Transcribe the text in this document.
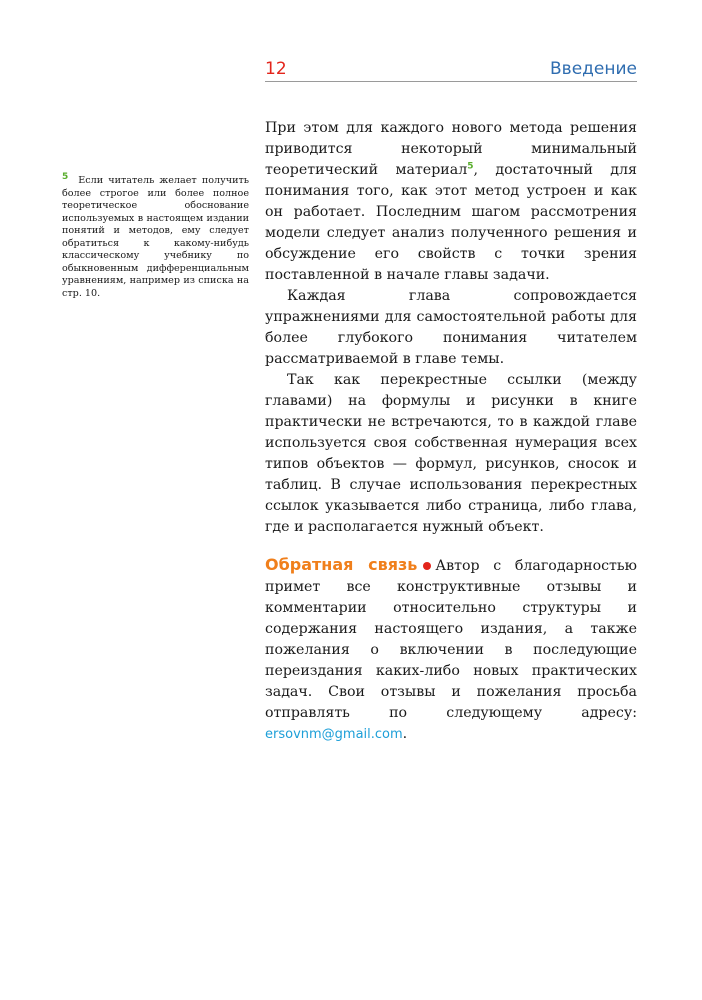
12	Введение
5 Если читатель желает получить более строгое или более полное теоретическое обоснование используемых в настоящем издании понятий и методов, ему следует обратиться к какому-нибудь классическому учебнику по обыкновенным дифференциальным уравнениям, например из списка на стр. 10.

При этом для каждого нового метода решения приводится некоторый минимальный теоретический материал$^5$, достаточный для понимания того, как этот метод устроен и как он работает. Последним шагом рассмотрения модели следует анализ полученного решения и обсуждение его свойств с точки зрения поставленной в начале главы задачи.

Каждая глава сопровождается упражнениями для самостоятельной работы для более глубокого понимания читателем рассматриваемой в главе темы.

Так как перекрестные ссылки (между главами) на формулы и рисунки в книге практически не встречаются, то в каждой главе используется своя собственная нумерация всех типов объектов — формул, рисунков, сносок и таблиц. В случае использования перекрестных ссылок указывается либо страница, либо глава, где и располагается нужный объект.

Обратная связь Автор с благодарностью примет все конструктивные отзывы и комментарии относительно структуры и содержания настоящего издания, а также пожелания о включении в последующие переиздания каких-либо новых практических задач. Свои отзывы и пожелания просьба отправлять по следующему адресу: ersovnm@gmail.com.
